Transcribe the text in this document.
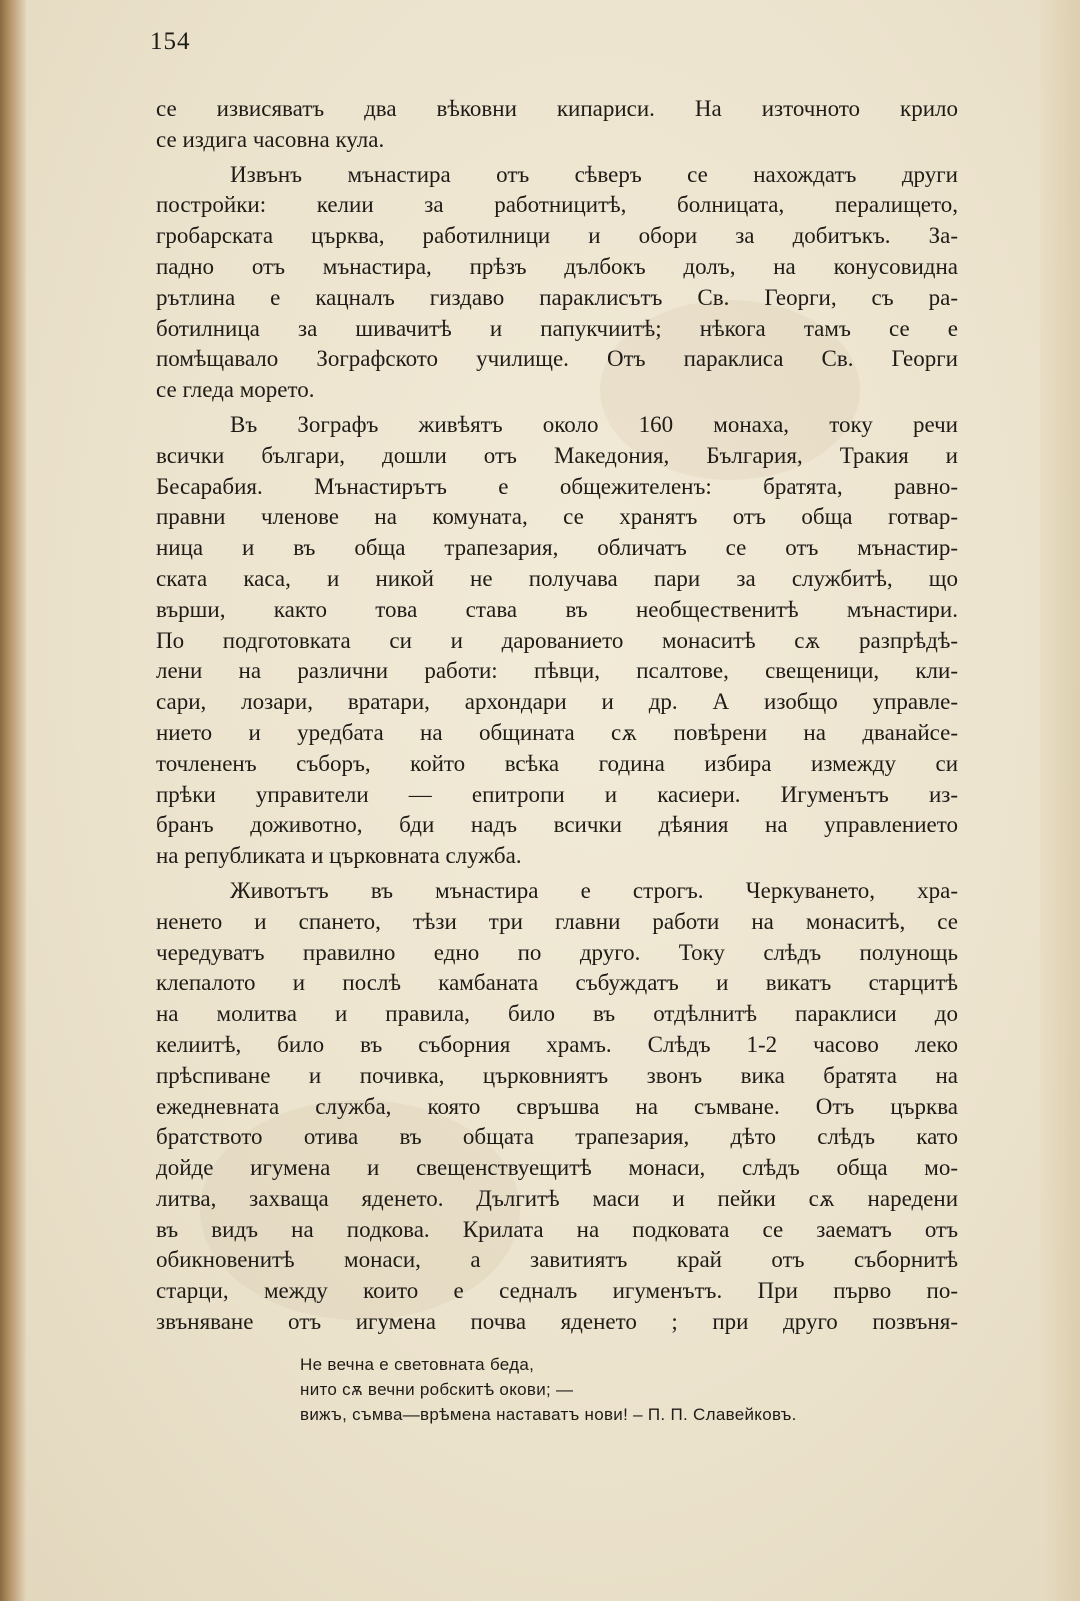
154
се извисяватъ два вѣковни кипариси. На източното крило
се издига часовна кула.
Извънъ мънастира отъ сѣверъ се нахождатъ други
постройки: келии за работницитѣ, болницата, пералището,
гробарската църква, работилници и обори за добитъкъ. За-
падно отъ мънастира, прѣзъ дълбокъ долъ, на конусовидна
рътлина е кацналъ гиздаво параклисътъ Св. Георги, съ ра-
ботилница за шивачитѣ и папукчиитѣ; нѣкога тамъ се е
помѣщавало Зографското училище. Отъ параклиса Св. Георги
се гледа морето.
Въ Зографъ живѣятъ около 160 монаха, току речи
всички българи, дошли отъ Македония, България, Тракия и
Бесарабия. Мънастирътъ е общежителенъ: братята, равно-
правни членове на комуната, се хранятъ отъ обща готвар-
ница и въ обща трапезария, обличатъ се отъ мънастир-
ската каса, и никой не получава пари за службитѣ, що
върши, както това става въ необщественитѣ мънастири.
По подготовката си и дарованието монаситѣ сѫ разпрѣдѣ-
лени на различни работи: пѣвци, псалтове, свещеници, кли-
сари, лозари, вратари, архондари и др. А изобщо управле-
нието и уредбата на общината сѫ повѣрени на дванайсе-
точлененъ съборъ, който всѣка година избира измежду си
прѣки управители — епитропи и касиери. Игуменътъ из-
бранъ доживотно, бди надъ всички дѣяния на управлението
на републиката и църковната служба.
Животътъ въ мънастира е строгъ. Черкуването, хра-
ненето и спането, тѣзи три главни работи на монаситѣ, се
чередуватъ правилно едно по друго. Току слѣдъ полунощь
клепалото и послѣ камбаната събуждатъ и викатъ старцитѣ
на молитва и правила, било въ отдѣлнитѣ параклиси до
келиитѣ, било въ съборния храмъ. Слѣдъ 1-2 часово леко
прѣспиване и почивка, църковниятъ звонъ вика братята на
ежедневната служба, която свръшва на съмване. Отъ църква
братството отива въ общата трапезария, дѣто слѣдъ като
дойде игумена и свещенствуещитѣ монаси, слѣдъ обща мо-
литва, захваща яденето. Дългитѣ маси и пейки сѫ наредени
въ видъ на подкова. Крилата на подковата се заематъ отъ
обикновенитѣ монаси, а завитиятъ край отъ съборнитѣ
старци, между които е седналъ игуменътъ. При първо по-
звъняване отъ игумена почва яденето ; при друго позвъня-
Не вечна е световната беда,
нито сѫ вечни робскитѣ окови; —
вижъ, съмва—врѣмена наставатъ нови! – П. П. Славейковъ.
